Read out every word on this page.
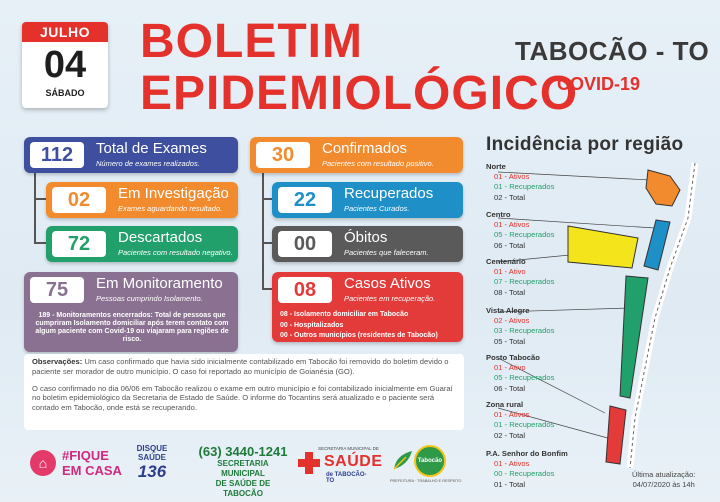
JULHO
04
SÁBADO
BOLETIM
EPIDEMIOLÓGICO
TABOCÃO - TO
COVID-19
112	Total de Exames
Número de exames realizados.
02	Em Investigação
Exames aguardando resultado.
72	Descartados
Pacientes com resultado negativo.
75	Em Monitoramento
Pessoas cumprindo Isolamento.
189 - Monitoramentos encerrados: Total de pessoas que cumpriram Isolamento domiciliar após terem contato com algum paciente com Covid-19 ou viajaram para regiões de risco.
30	Confirmados
Pacientes com resultado positivo.
22	Recuperados
Pacientes Curados.
00	Óbitos
Pacientes que faleceram.
08	Casos Ativos
Pacientes em recuperação.
08 - Isolamento domiciliar em Tabocão
00 - Hospitalizados
00 - Outros municípios (residentes de Tabocão)

Observações: Um caso confirmado que havia sido inicialmente contabilizado em Tabocão foi removido do boletim devido o paciente ser morador de outro município. O caso foi reportado ao município de Goianésia (GO).

O caso confirmado no dia 06/06 em Tabocão realizou o exame em outro município e foi contabilizado inicialmente em Guaraí no boletim epidemiológico da Secretaria de Estado de Saúde. O informe do Tocantins será atualizado e o paciente será contado em Tabocão, onde está se recuperando.

Incidência por região
Norte
01 - Ativos
01 - Recuperados
02 - Total
Centro
01 - Ativos
05 - Recuperados
06 - Total
Centenário
01 - Ativo
07 - Recuperados
08 - Total
Vista Alegre
02 - Ativos
03 - Recuperados
05 - Total
Posto Tabocão
01 - Ativo
05 - Recuperados
06 - Total
Zona rural
01 - Ativos
01 - Recuperados
02 - Total
P.A. Senhor do Bonfim
01 - Ativos
00 - Recuperados
01 - Total
Última atualização:
04/07/2020 às 14h
⌂	#FIQUE
EM CASA
DISQUE
SAÚDE
136
(63) 3440-1241
SECRETARIA MUNICIPAL
DE SAÚDE DE TABOCÃO
SECRETARIA MUNICIPAL DE
SAÚDE
de TABOCÃO-TO
Tabocão
PREFEITURA · TRABALHO E RESPEITO
